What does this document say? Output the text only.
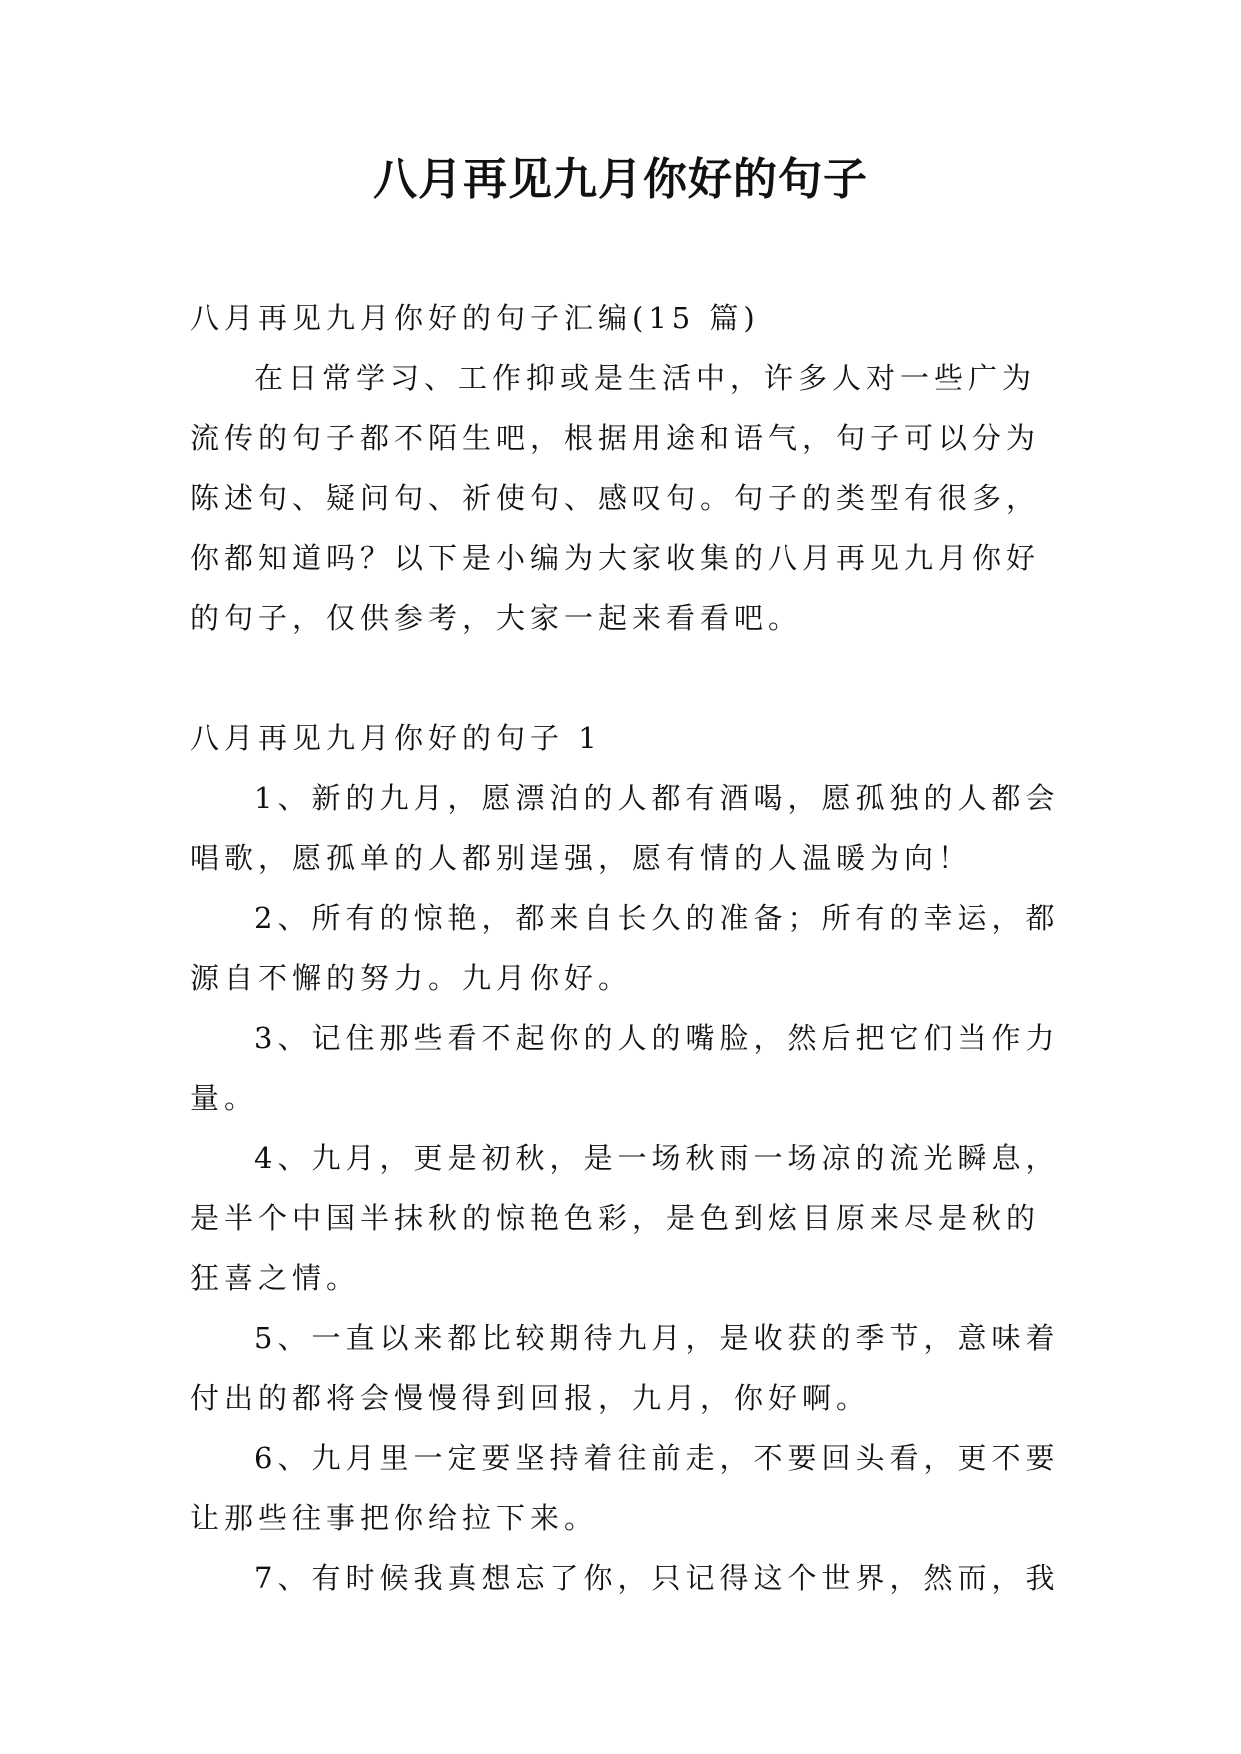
八月再见九月你好的句子

八月再见九月你好的句子汇编(15 篇)

在日常学习、工作抑或是生活中，许多人对一些广为流传的句子都不陌生吧，根据用途和语气，句子可以分为陈述句、疑问句、祈使句、感叹句。句子的类型有很多，你都知道吗？以下是小编为大家收集的八月再见九月你好的句子，仅供参考，大家一起来看看吧。

八月再见九月你好的句子 1

1、新的九月，愿漂泊的人都有酒喝，愿孤独的人都会唱歌，愿孤单的人都别逞强，愿有情的人温暖为向！

2、所有的惊艳，都来自长久的准备；所有的幸运，都源自不懈的努力。九月你好。

3、记住那些看不起你的人的嘴脸，然后把它们当作力量。

4、九月，更是初秋，是一场秋雨一场凉的流光瞬息，是半个中国半抹秋的惊艳色彩，是色到炫目原来尽是秋的狂喜之情。

5、一直以来都比较期待九月，是收获的季节，意味着付出的都将会慢慢得到回报，九月，你好啊。

6、九月里一定要坚持着往前走，不要回头看，更不要让那些往事把你给拉下来。

7、有时候我真想忘了你，只记得这个世界，然而，我
